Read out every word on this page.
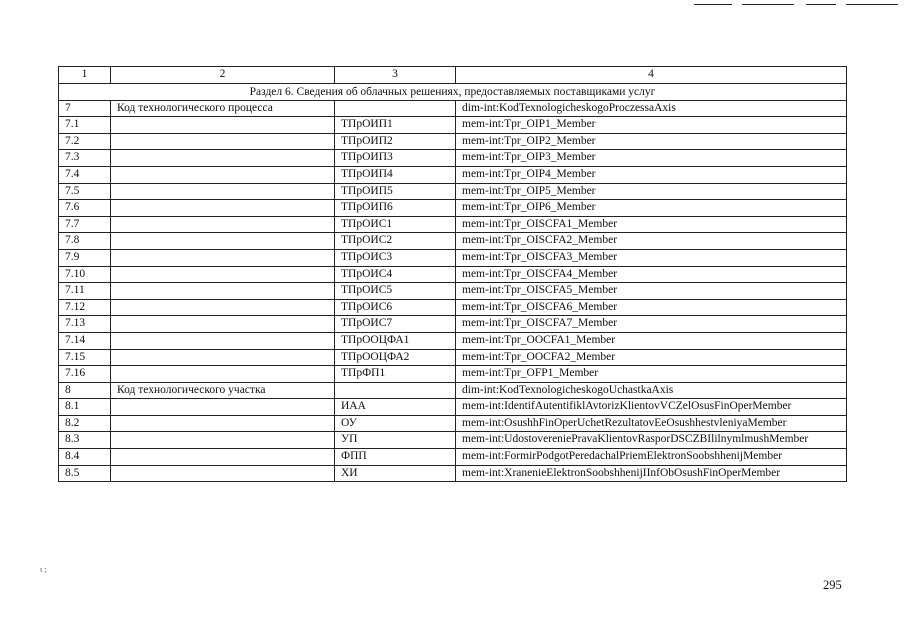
1	2	3	4
Раздел 6. Сведения об облачных решениях, предоставляемых поставщиками услуг			
7	Код технологического процесса		dim-int:KodTexnologicheskogoProczessaAxis
7.1		ТПрОИП1	mem-int:Tpr_OIP1_Member
7.2		ТПрОИП2	mem-int:Tpr_OIP2_Member
7.3		ТПрОИП3	mem-int:Tpr_OIP3_Member
7.4		ТПрОИП4	mem-int:Tpr_OIP4_Member
7.5		ТПрОИП5	mem-int:Tpr_OIP5_Member
7.6		ТПрОИП6	mem-int:Tpr_OIP6_Member
7.7		ТПрОИС1	mem-int:Tpr_OISCFA1_Member
7.8		ТПрОИС2	mem-int:Tpr_OISCFA2_Member
7.9		ТПрОИС3	mem-int:Tpr_OISCFA3_Member
7.10		ТПрОИС4	mem-int:Tpr_OISCFA4_Member
7.11		ТПрОИС5	mem-int:Tpr_OISCFA5_Member
7.12		ТПрОИС6	mem-int:Tpr_OISCFA6_Member
7.13		ТПрОИС7	mem-int:Tpr_OISCFA7_Member
7.14		ТПрООЦФА1	mem-int:Tpr_OOCFA1_Member
7.15		ТПрООЦФА2	mem-int:Tpr_OOCFA2_Member
7.16		ТПрФП1	mem-int:Tpr_OFP1_Member
8	Код технологического участка		dim-int:KodTexnologicheskogoUchastkaAxis
8.1		ИАА	mem-int:IdentifAutentifiklAvtorizKlientovVCZelOsusFinOperMember
8.2		ОУ	mem-int:OsushhFinOperUchetRezultatovEeOsushhestvleniyaMember
8.3		УП	mem-int:UdostovereniePravaKlientovRasporDSCZBIlilnymlmushMember
8.4		ФПП	mem-int:FormirPodgotPeredachalPriemElektronSoobshhenijMember
8.5		ХИ	mem-int:XranenieElektronSoobshhenijIInfObOsushFinOperMember
295
ι ;
